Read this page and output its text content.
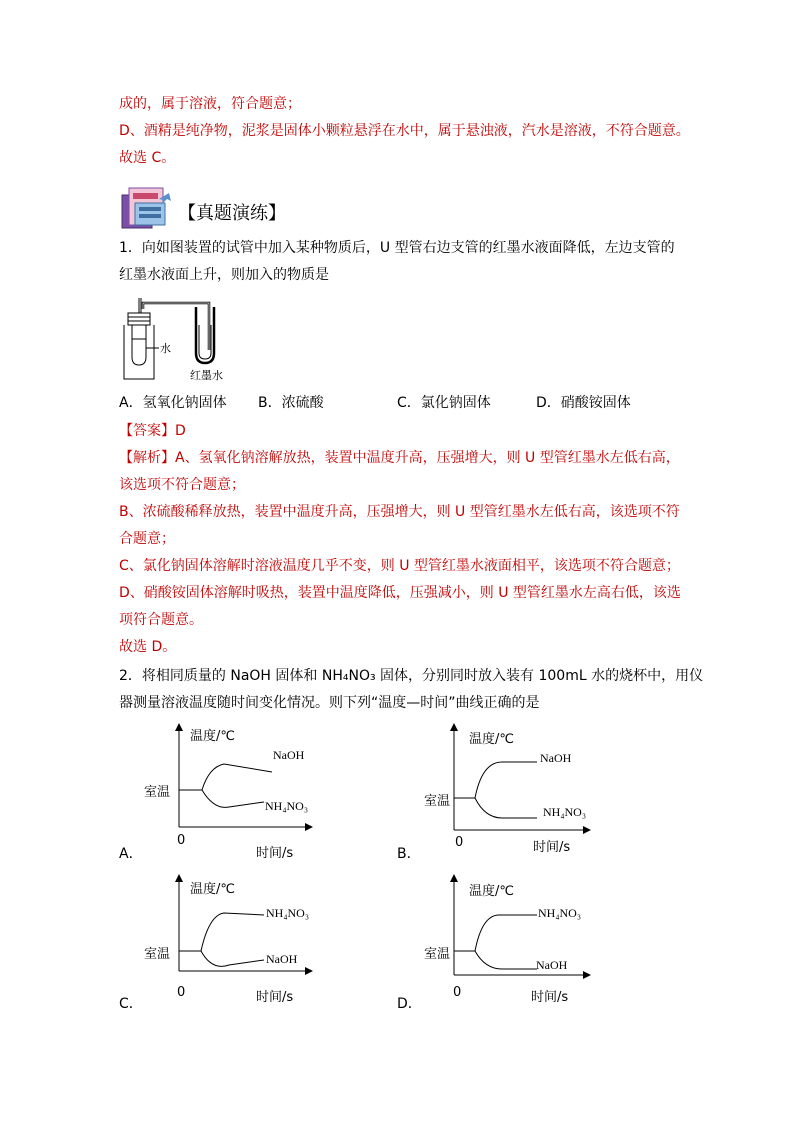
成的，属于溶液，符合题意；
D、酒精是纯净物，泥浆是固体小颗粒悬浮在水中，属于悬浊液，汽水是溶液，不符合题意。
故选 C。
【真题演练】
1．向如图装置的试管中加入某种物质后，U 型管右边支管的红墨水液面降低，左边支管的
红墨水液面上升，则加入的物质是
水
红墨水
A．氢氧化钠固体 B．浓硫酸	C．氯化钠固体	D．硝酸铵固体
【答案】D
【解析】A、氢氧化钠溶解放热，装置中温度升高，压强增大，则 U 型管红墨水左低右高，
该选项不符合题意；
B、浓硫酸稀释放热，装置中温度升高，压强增大，则 U 型管红墨水左低右高，该选项不符
合题意；
C、氯化钠固体溶解时溶液温度几乎不变，则 U 型管红墨水液面相平，该选项不符合题意；
D、硝酸铵固体溶解时吸热，装置中温度降低，压强减小，则 U 型管红墨水左高右低，该选
项符合题意。
故选 D。
2．将相同质量的 NaOH 固体和 NH₄NO₃ 固体，分别同时放入装有 100mL 水的烧杯中，用仪
器测量溶液温度随时间变化情况。则下列“温度—时间”曲线正确的是
温度/℃
时间/s
0
室温
NaOH
NH₄NO₃
A．
温度/℃
时间/s
0
室温
NaOH
NH₄NO₃
B．
温度/℃
时间/s
0
室温
NH₄NO₃
NaOH
C．
温度/℃
时间/s
0
室温
NH₄NO₃
NaOH
D．
